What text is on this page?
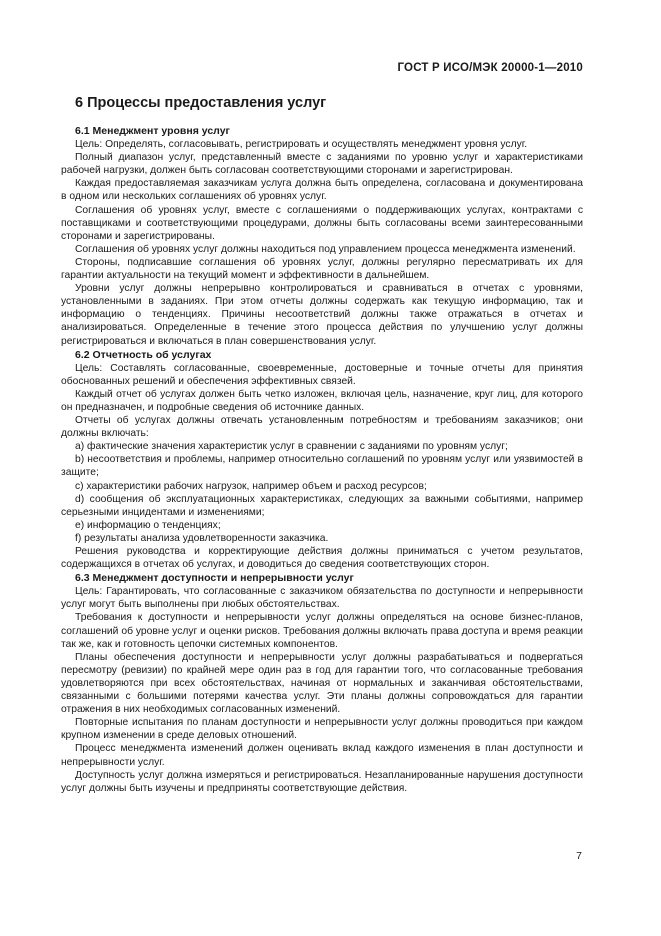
ГОСТ Р ИСО/МЭК 20000-1—2010
6 Процессы предоставления услуг

6.1 Менеджмент уровня услуг

Цель: Определять, согласовывать, регистрировать и осуществлять менеджмент уровня услуг.

Полный диапазон услуг, представленный вместе с заданиями по уровню услуг и характеристиками рабочей нагрузки, должен быть согласован соответствующими сторонами и зарегистрирован.

Каждая предоставляемая заказчикам услуга должна быть определена, согласована и документирована в одном или нескольких соглашениях об уровнях услуг.

Соглашения об уровнях услуг, вместе с соглашениями о поддерживающих услугах, контрактами с поставщиками и соответствующими процедурами, должны быть согласованы всеми заинтересованными сторонами и зарегистрированы.

Соглашения об уровнях услуг должны находиться под управлением процесса менеджмента изменений.

Стороны, подписавшие соглашения об уровнях услуг, должны регулярно пересматривать их для гарантии актуальности на текущий момент и эффективности в дальнейшем.

Уровни услуг должны непрерывно контролироваться и сравниваться в отчетах с уровнями, установленными в заданиях. При этом отчеты должны содержать как текущую информацию, так и информацию о тенденциях. Причины несоответствий должны также отражаться в отчетах и анализироваться. Определенные в течение этого процесса действия по улучшению услуг должны регистрироваться и включаться в план совершенствования услуг.

6.2 Отчетность об услугах

Цель: Составлять согласованные, своевременные, достоверные и точные отчеты для принятия обоснованных решений и обеспечения эффективных связей.

Каждый отчет об услугах должен быть четко изложен, включая цель, назначение, круг лиц, для которого он предназначен, и подробные сведения об источнике данных.

Отчеты об услугах должны отвечать установленным потребностям и требованиям заказчиков; они должны включать:

a) фактические значения характеристик услуг в сравнении с заданиями по уровням услуг;

b) несоответствия и проблемы, например относительно соглашений по уровням услуг или уязвимостей в защите;

c) характеристики рабочих нагрузок, например объем и расход ресурсов;

d) сообщения об эксплуатационных характеристиках, следующих за важными событиями, например серьезными инцидентами и изменениями;

e) информацию о тенденциях;

f) результаты анализа удовлетворенности заказчика.

Решения руководства и корректирующие действия должны приниматься с учетом результатов, содержащихся в отчетах об услугах, и доводиться до сведения соответствующих сторон.

6.3 Менеджмент доступности и непрерывности услуг

Цель: Гарантировать, что согласованные с заказчиком обязательства по доступности и непрерывности услуг могут быть выполнены при любых обстоятельствах.

Требования к доступности и непрерывности услуг должны определяться на основе бизнес-планов, соглашений об уровне услуг и оценки рисков. Требования должны включать права доступа и время реакции так же, как и готовность цепочки системных компонентов.

Планы обеспечения доступности и непрерывности услуг должны разрабатываться и подвергаться пересмотру (ревизии) по крайней мере один раз в год для гарантии того, что согласованные требования удовлетворяются при всех обстоятельствах, начиная от нормальных и заканчивая обстоятельствами, связанными с большими потерями качества услуг. Эти планы должны сопровождаться для гарантии отражения в них необходимых согласованных изменений.

Повторные испытания по планам доступности и непрерывности услуг должны проводиться при каждом крупном изменении в среде деловых отношений.

Процесс менеджмента изменений должен оценивать вклад каждого изменения в план доступности и непрерывности услуг.

Доступность услуг должна измеряться и регистрироваться. Незапланированные нарушения доступности услуг должны быть изучены и предприняты соответствующие действия.

7
